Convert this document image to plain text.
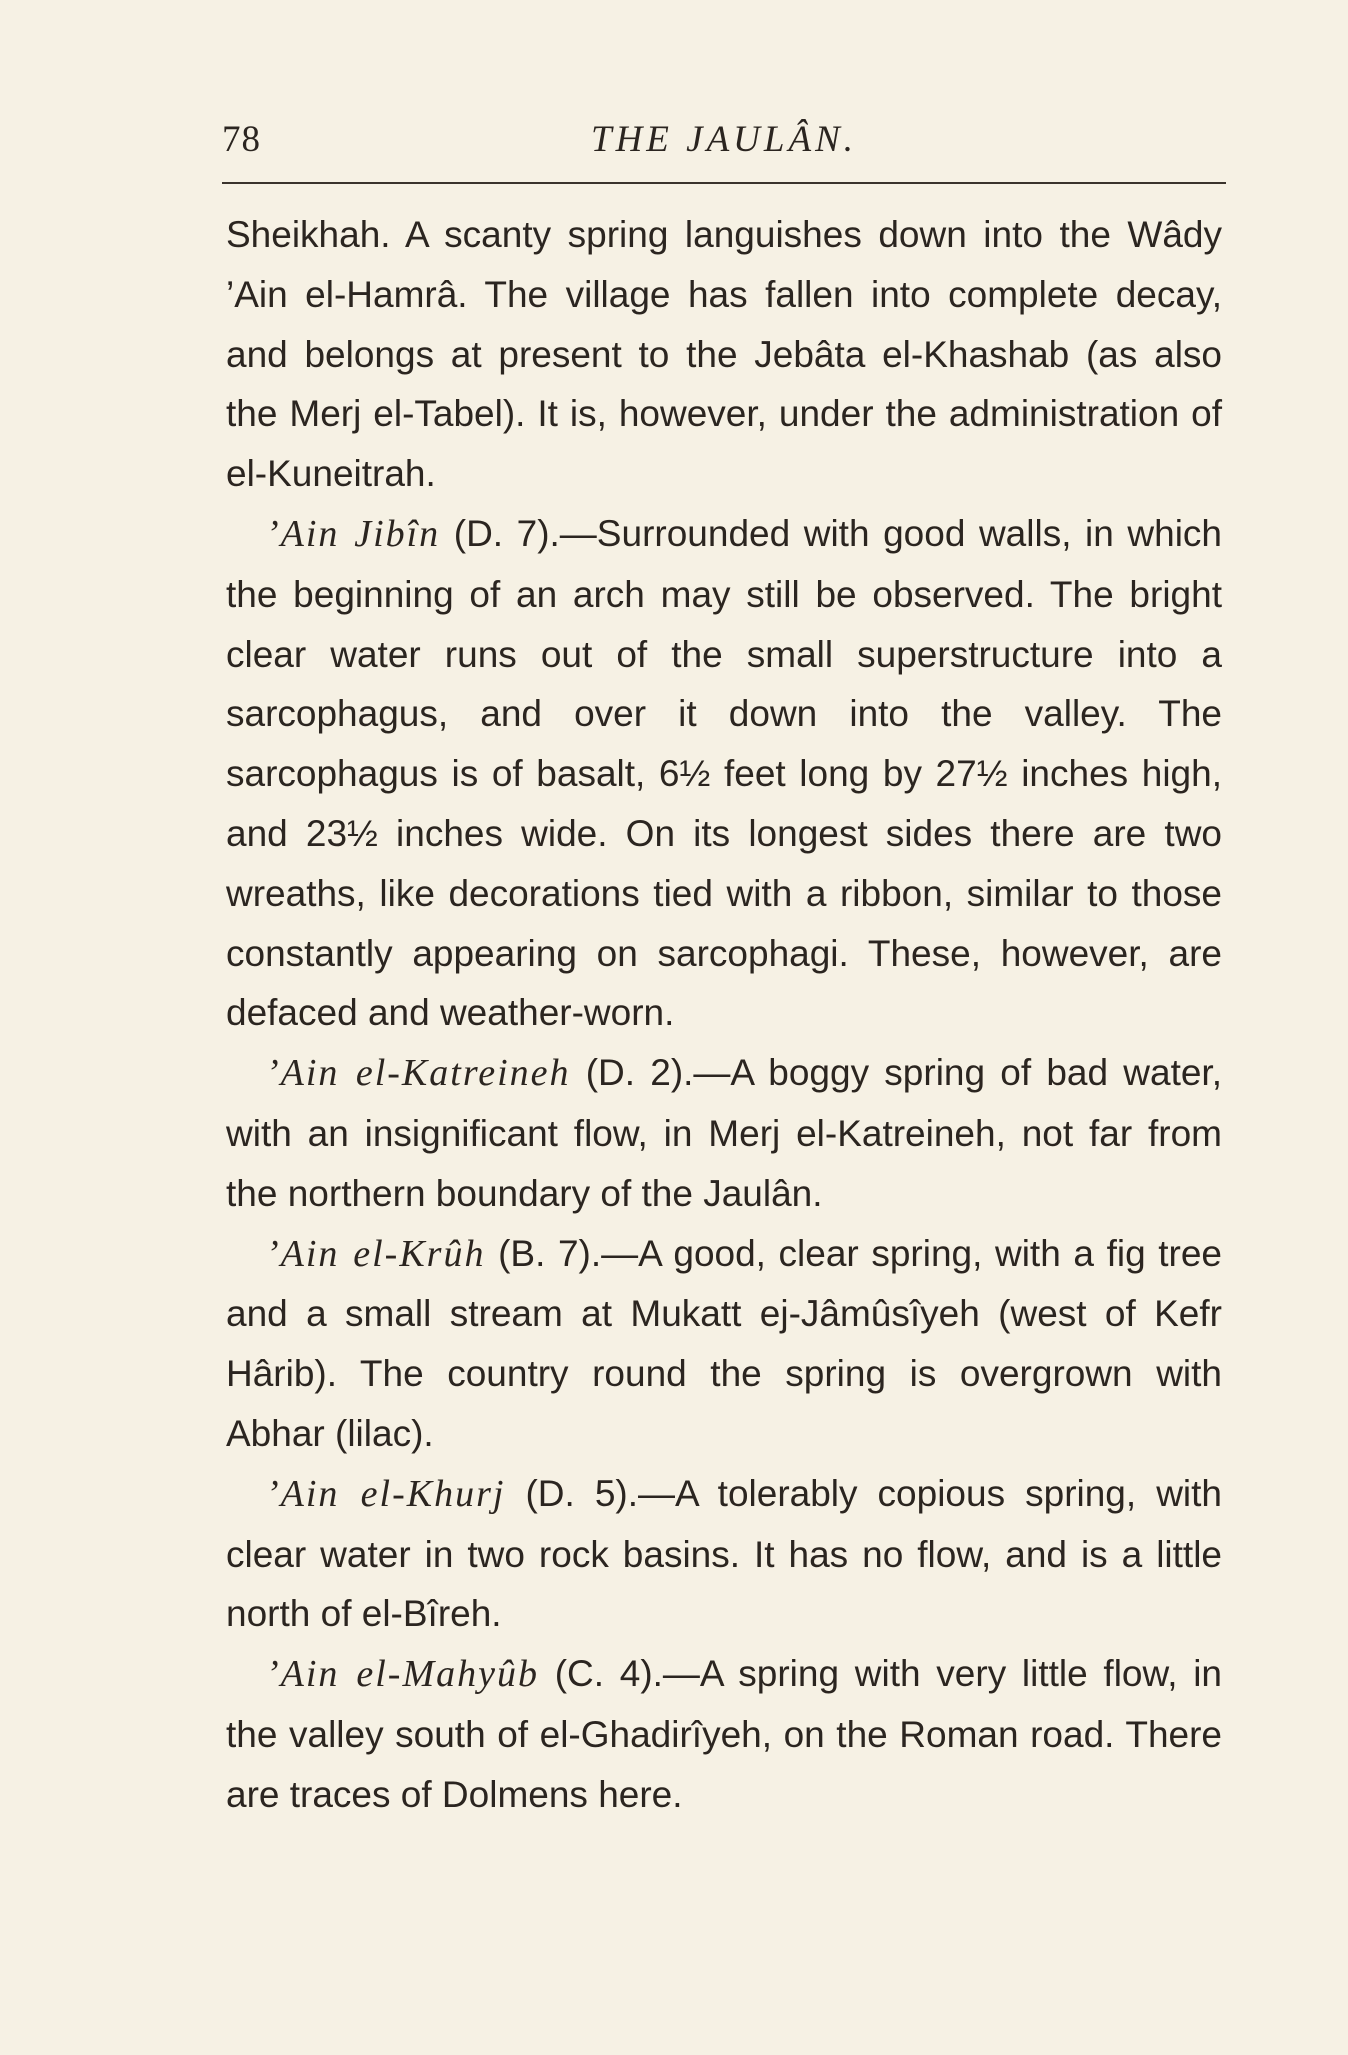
78	THE JAULÂN.

Sheikhah. A scanty spring languishes down into the Wâdy ’Ain el-Hamrâ. The village has fallen into complete decay, and belongs at present to the Jebâta el-Khashab (as also the Merj el-Tabel). It is, however, under the administration of el-Kuneitrah.

’Ain Jibîn (D. 7).—Surrounded with good walls, in which the beginning of an arch may still be observed. The bright clear water runs out of the small superstructure into a sarcophagus, and over it down into the valley. The sarcophagus is of basalt, 6½ feet long by 27½ inches high, and 23½ inches wide. On its longest sides there are two wreaths, like decorations tied with a ribbon, similar to those constantly appearing on sarcophagi. These, however, are defaced and weather-worn.

’Ain el-Katreineh (D. 2).—A boggy spring of bad water, with an insignificant flow, in Merj el-Katreineh, not far from the northern boundary of the Jaulân.

’Ain el-Krûh (B. 7).—A good, clear spring, with a fig tree and a small stream at Mukatt ej-Jâmûsîyeh (west of Kefr Hârib). The country round the spring is overgrown with Abhar (lilac).

’Ain el-Khurj (D. 5).—A tolerably copious spring, with clear water in two rock basins. It has no flow, and is a little north of el-Bîreh.

’Ain el-Mahyûb (C. 4).—A spring with very little flow, in the valley south of el-Ghadirîyeh, on the Roman road. There are traces of Dolmens here.
